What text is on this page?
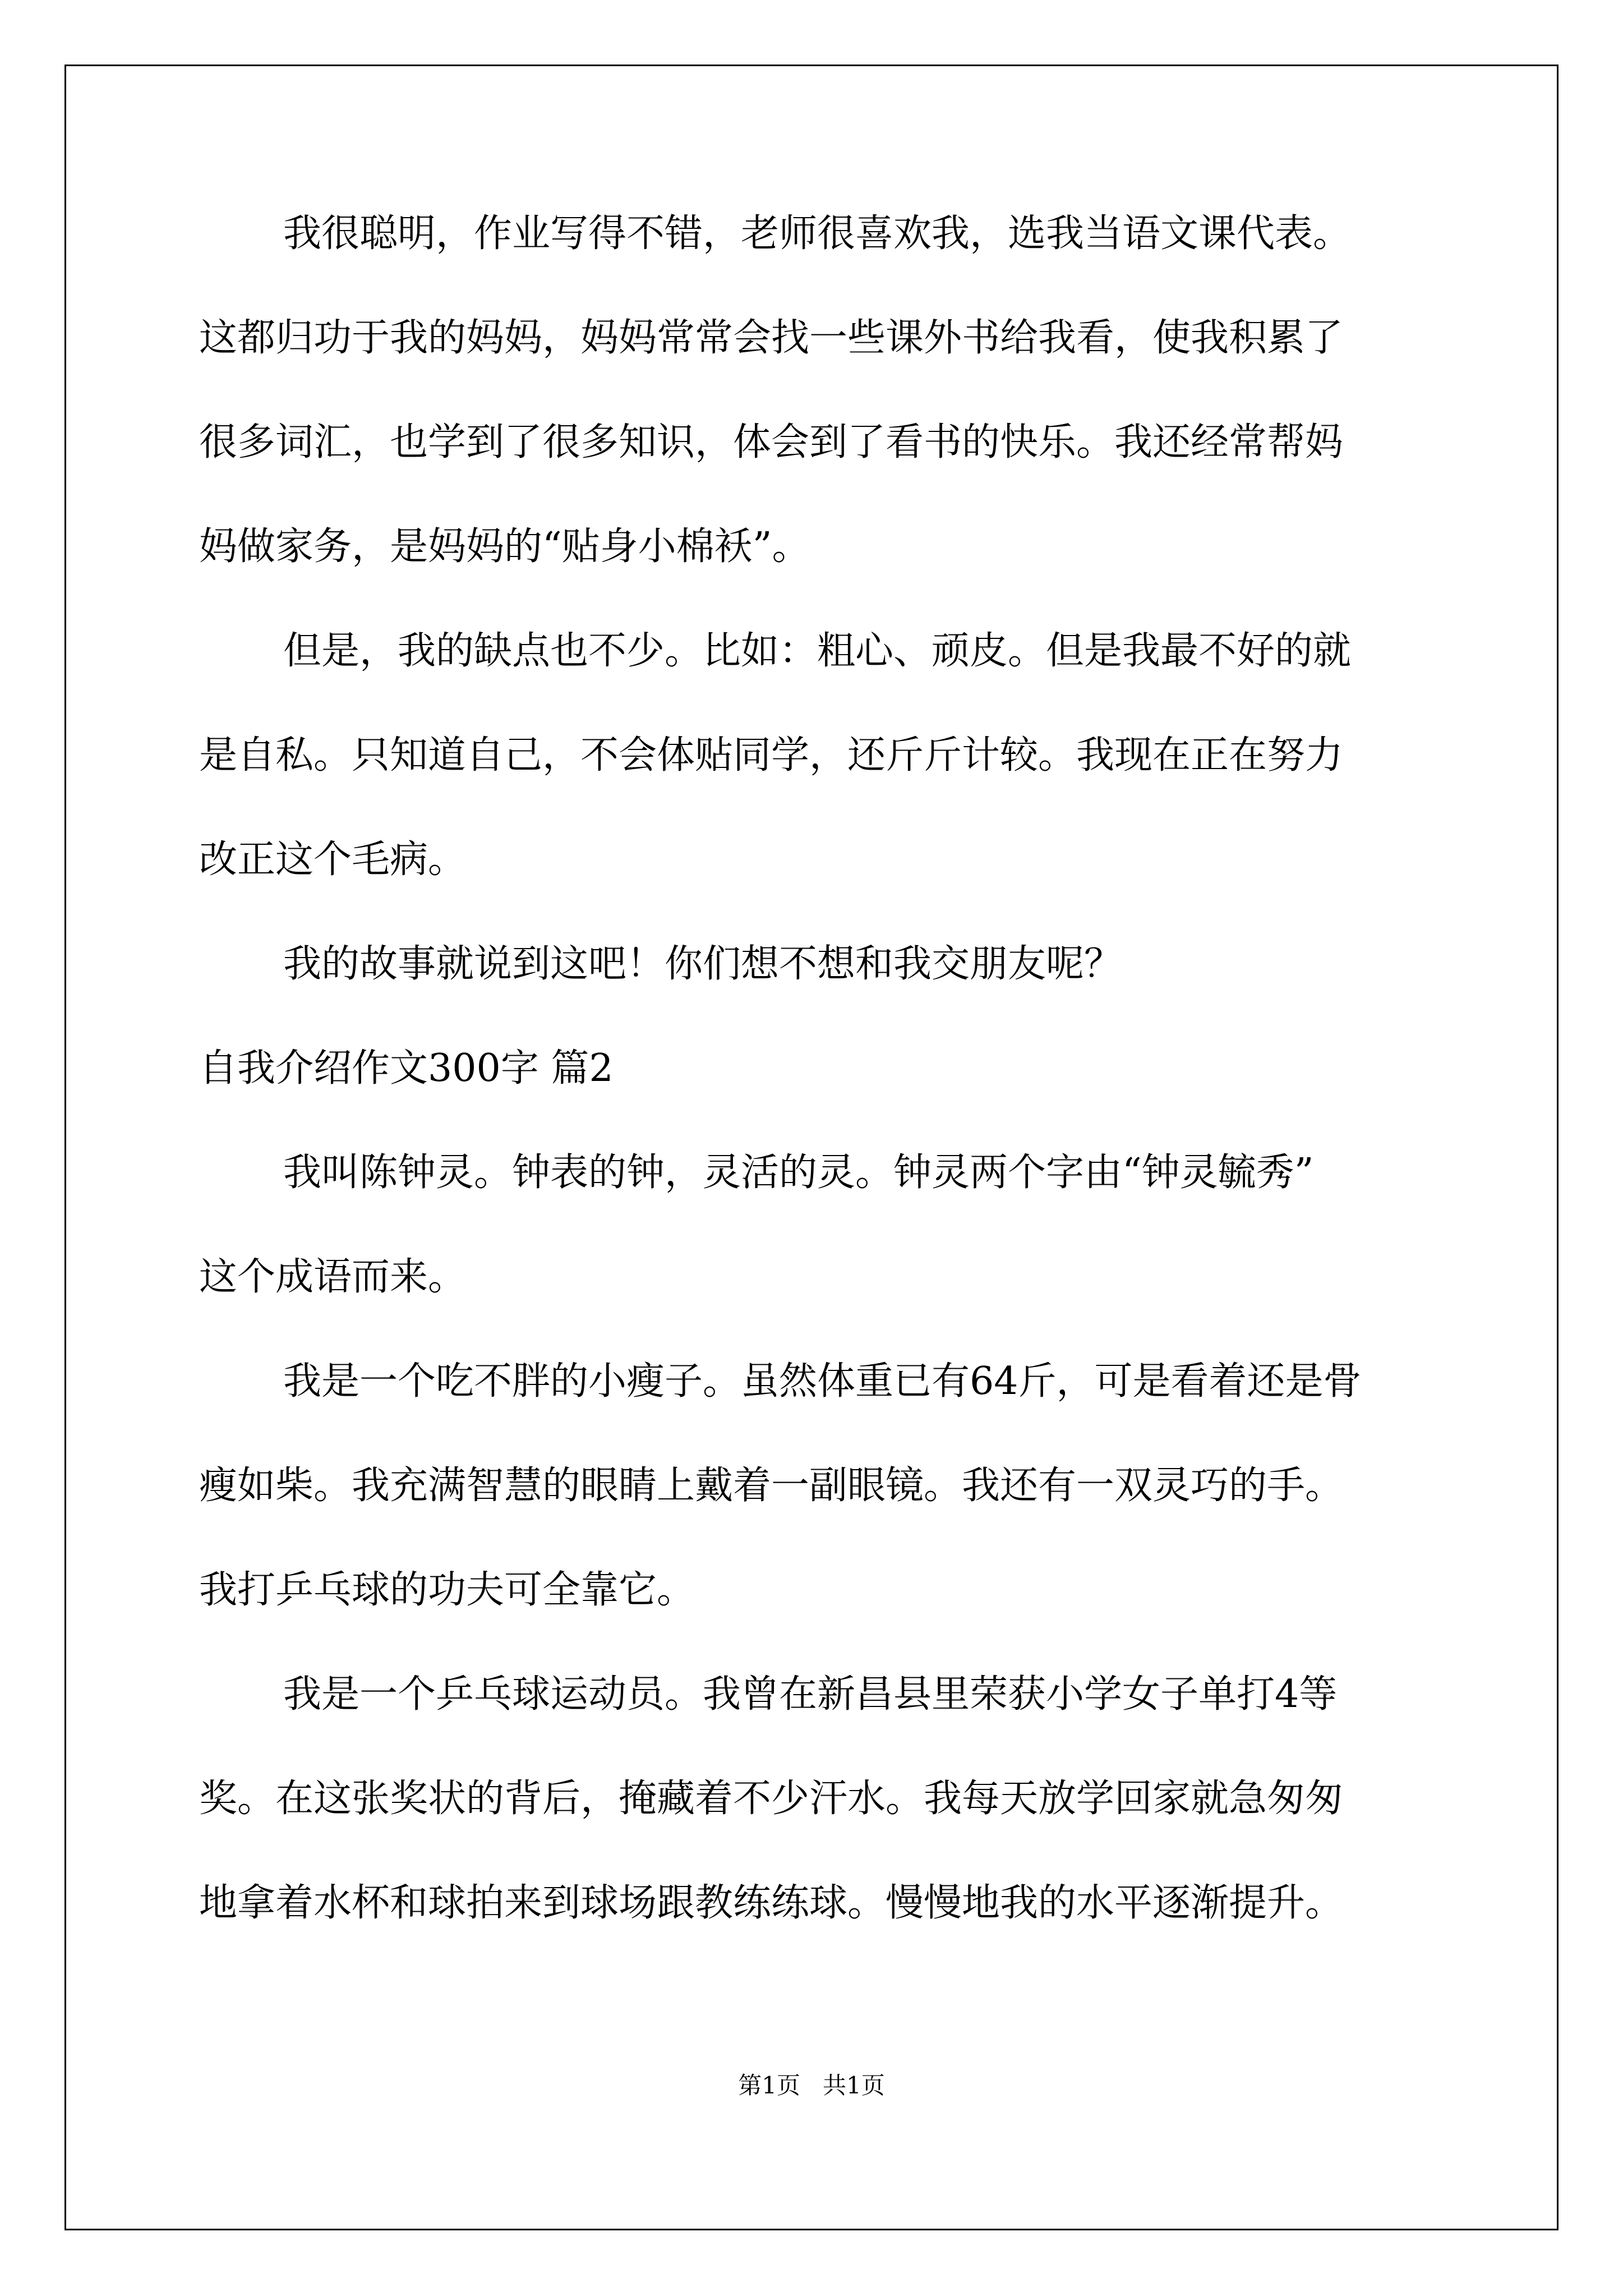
我很聪明，作业写得不错，老师很喜欢我，选我当语文课代表。
这都归功于我的妈妈，妈妈常常会找一些课外书给我看，使我积累了
很多词汇，也学到了很多知识，体会到了看书的快乐。我还经常帮妈
妈做家务，是妈妈的“贴身小棉袄”。
但是，我的缺点也不少。比如：粗心、顽皮。但是我最不好的就
是自私。只知道自己，不会体贴同学，还斤斤计较。我现在正在努力
改正这个毛病。
我的故事就说到这吧！你们想不想和我交朋友呢？
自我介绍作文300字 篇2
我叫陈钟灵。钟表的钟，灵活的灵。钟灵两个字由“钟灵毓秀”
这个成语而来。
我是一个吃不胖的小瘦子。虽然体重已有64斤，可是看着还是骨
瘦如柴。我充满智慧的眼睛上戴着一副眼镜。我还有一双灵巧的手。
我打乒乓球的功夫可全靠它。
我是一个乒乓球运动员。我曾在新昌县里荣获小学女子单打4等
奖。在这张奖状的背后，掩藏着不少汗水。我每天放学回家就急匆匆
地拿着水杯和球拍来到球场跟教练练球。慢慢地我的水平逐渐提升。
第1页   共1页
